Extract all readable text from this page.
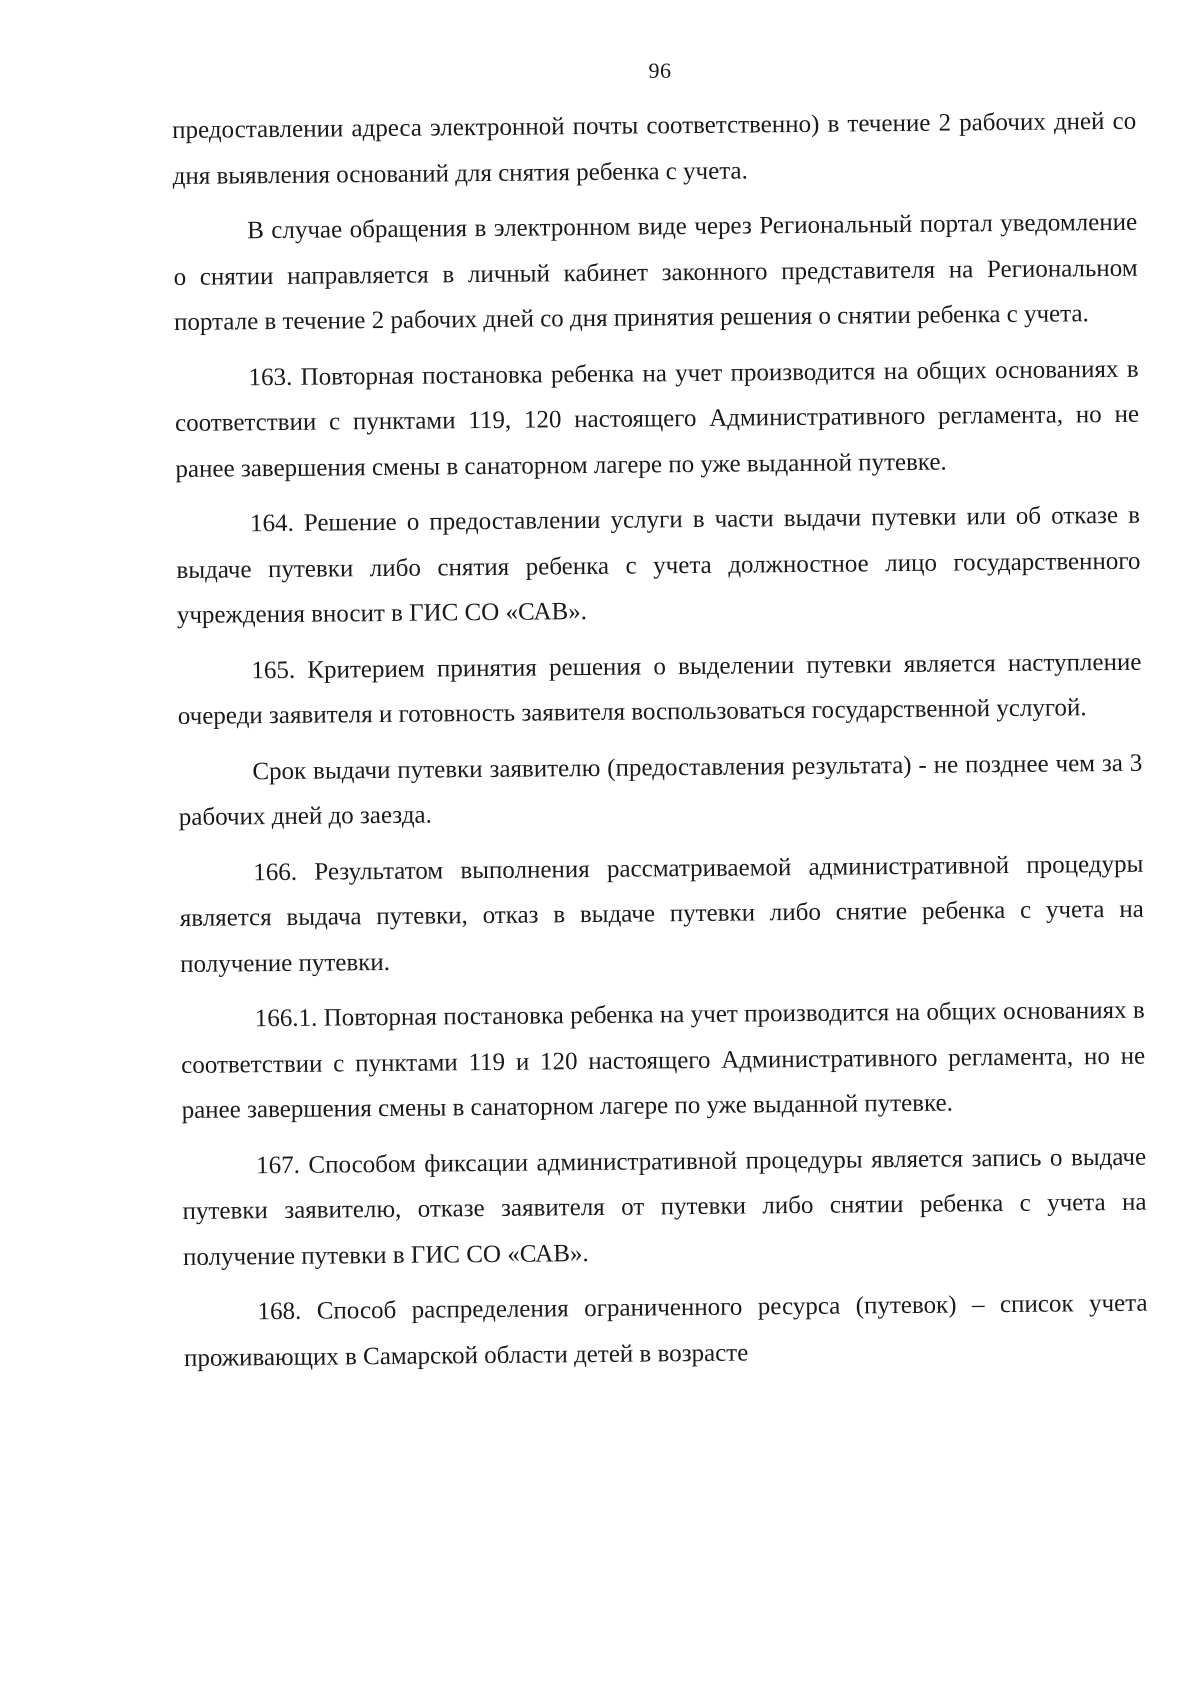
96

предоставлении адреса электронной почты соответственно) в течение 2 рабочих дней со дня выявления оснований для снятия ребенка с учета.

В случае обращения в электронном виде через Региональный портал уведомление о снятии направляется в личный кабинет законного представителя на Региональном портале в течение 2 рабочих дней со дня принятия решения о снятии ребенка с учета.

163. Повторная постановка ребенка на учет производится на общих основаниях в соответствии с пунктами 119, 120 настоящего Административного регламента, но не ранее завершения смены в санаторном лагере по уже выданной путевке.

164. Решение о предоставлении услуги в части выдачи путевки или об отказе в выдаче путевки либо снятия ребенка с учета должностное лицо государственного учреждения вносит в ГИС СО «САВ».

165. Критерием принятия решения о выделении путевки является наступление очереди заявителя и готовность заявителя воспользоваться государственной услугой.

Срок выдачи путевки заявителю (предоставления результата) - не позднее чем за 3 рабочих дней до заезда.

166. Результатом выполнения рассматриваемой административной процедуры является выдача путевки, отказ в выдаче путевки либо снятие ребенка с учета на получение путевки.

166.1. Повторная постановка ребенка на учет производится на общих основаниях в соответствии с пунктами 119 и 120 настоящего Административного регламента, но не ранее завершения смены в санаторном лагере по уже выданной путевке.

167. Способом фиксации административной процедуры является запись о выдаче путевки заявителю, отказе заявителя от путевки либо снятии ребенка с учета на получение путевки в ГИС СО «САВ».

168. Способ распределения ограниченного ресурса (путевок) – список учета проживающих в Самарской области детей в возрасте
